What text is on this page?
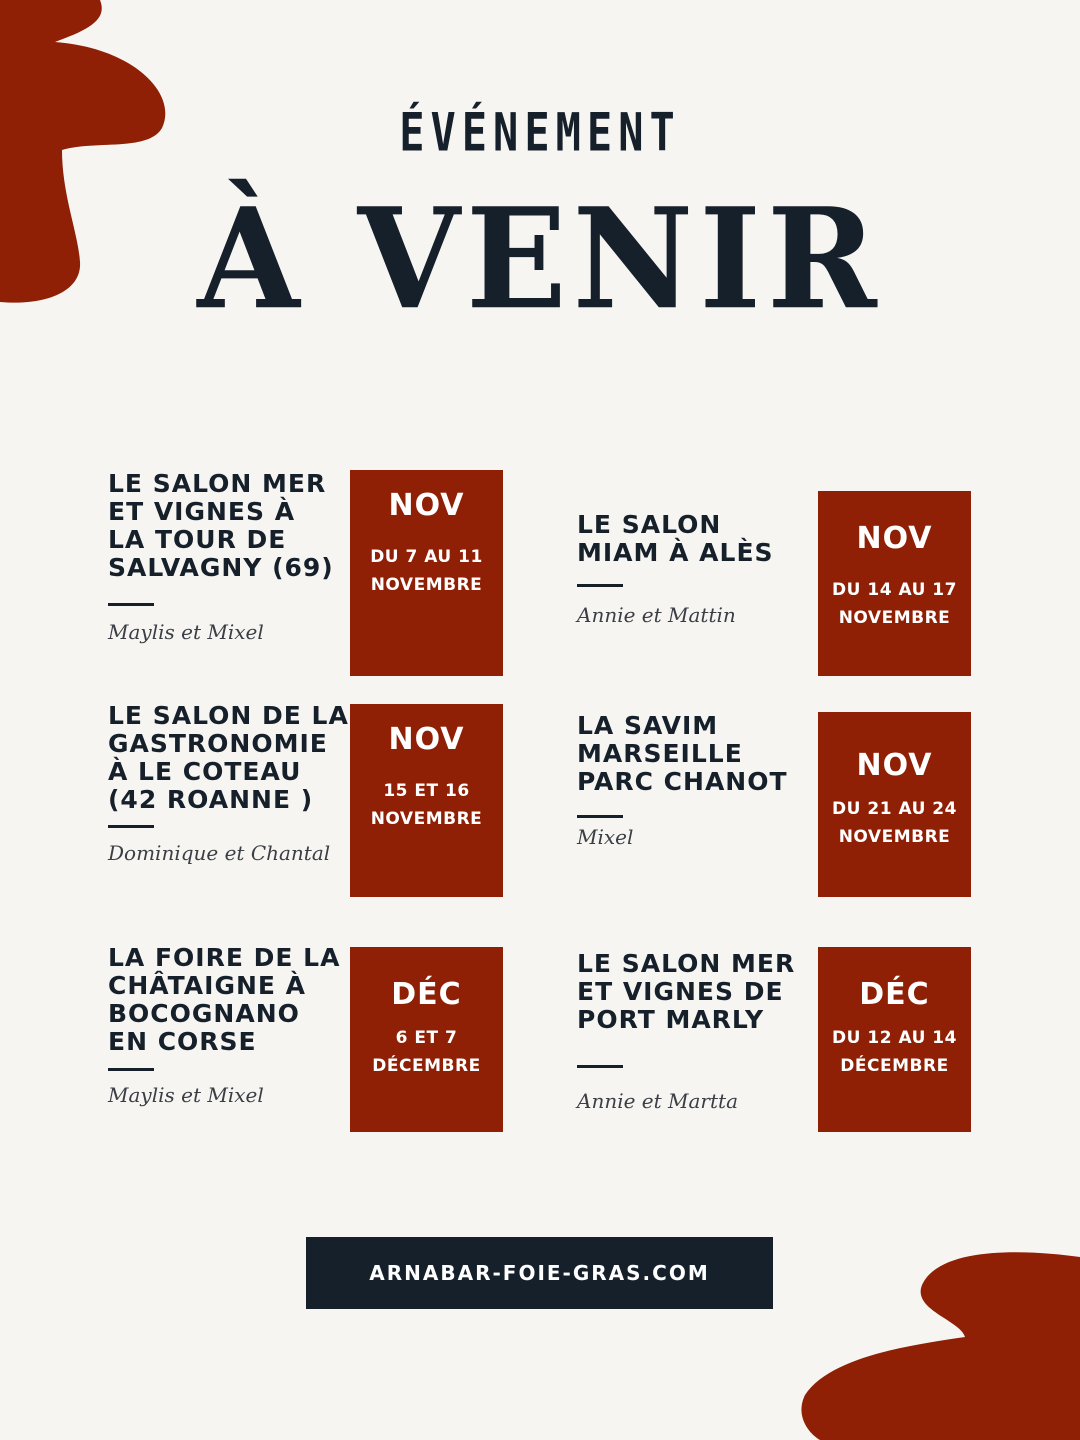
ÉVÉNEMENT
À VENIR
LE SALON MER
ET VIGNES À
LA TOUR DE
SALVAGNY (69)
Maylis et Mixel
NOV
DU 7 AU 11
NOVEMBRE
LE SALON
MIAM À ALÈS
Annie et Mattin
NOV
DU 14 AU 17
NOVEMBRE
LE SALON DE LA
GASTRONOMIE
À LE COTEAU
(42 ROANNE )
Dominique et Chantal
NOV
15 ET 16
NOVEMBRE
LA SAVIM
MARSEILLE
PARC CHANOT
Mixel
NOV
DU 21 AU 24
NOVEMBRE
LA FOIRE DE LA
CHÂTAIGNE À
BOCOGNANO
EN CORSE
Maylis et Mixel
DÉC
6 ET 7
DÉCEMBRE
LE SALON MER
ET VIGNES DE
PORT MARLY
Annie et Martta
DÉC
DU 12 AU 14
DÉCEMBRE
ARNABAR-FOIE-GRAS.COM
